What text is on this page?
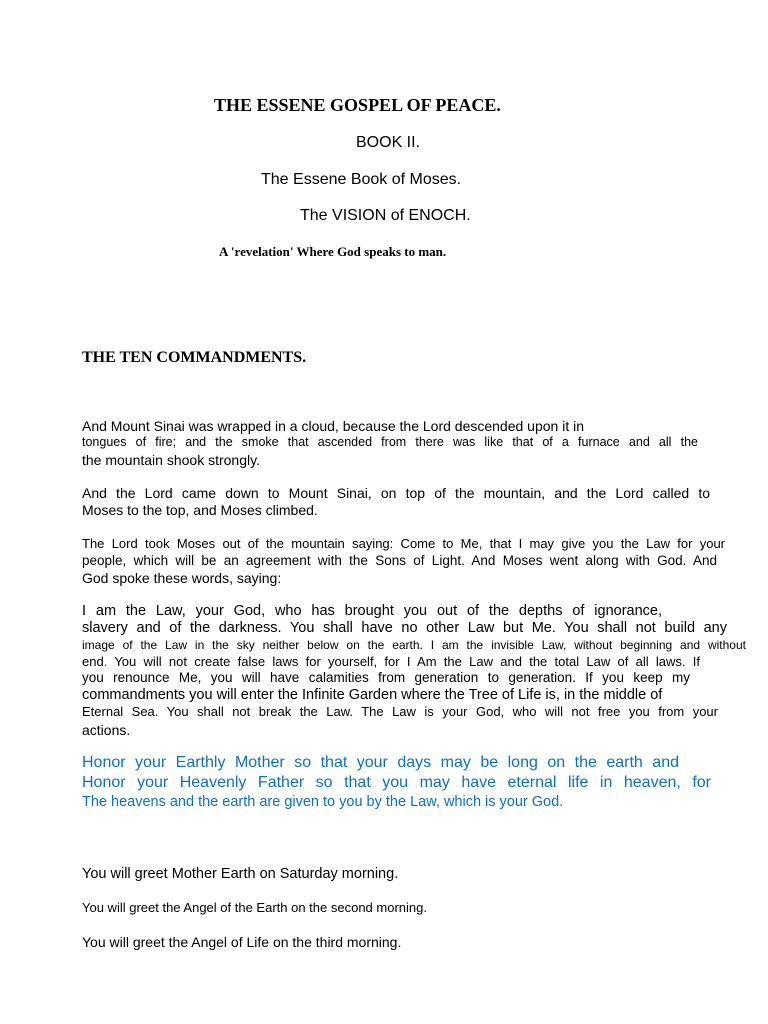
THE ESSENE GOSPEL OF PEACE.
BOOK II.
The Essene Book of Moses.
The VISION of ENOCH.
A 'revelation' Where God speaks to man.
THE TEN COMMANDMENTS.
And Mount Sinai was wrapped in a cloud, because the Lord descended upon it in
tongues of fire; and the smoke that ascended from there was like that of a furnace and all the
the mountain shook strongly.
And the Lord came down to Mount Sinai, on top of the mountain, and the Lord called to
Moses to the top, and Moses climbed.
The Lord took Moses out of the mountain saying: Come to Me, that I may give you the Law for your
people, which will be an agreement with the Sons of Light. And Moses went along with God. And
God spoke these words, saying:
I am the Law, your God, who has brought you out of the depths of ignorance,
slavery and of the darkness. You shall have no other Law but Me. You shall not build any
image of the Law in the sky neither below on the earth. I am the invisible Law, without beginning and without
end. You will not create false laws for yourself, for I Am the Law and the total Law of all laws. If
you renounce Me, you will have calamities from generation to generation. If you keep my
commandments you will enter the Infinite Garden where the Tree of Life is, in the middle of
Eternal Sea. You shall not break the Law. The Law is your God, who will not free you from your
actions.
Honor your Earthly Mother so that your days may be long on the earth and
Honor your Heavenly Father so that you may have eternal life in heaven, for
The heavens and the earth are given to you by the Law, which is your God.
You will greet Mother Earth on Saturday morning.
You will greet the Angel of the Earth on the second morning.
You will greet the Angel of Life on the third morning.
